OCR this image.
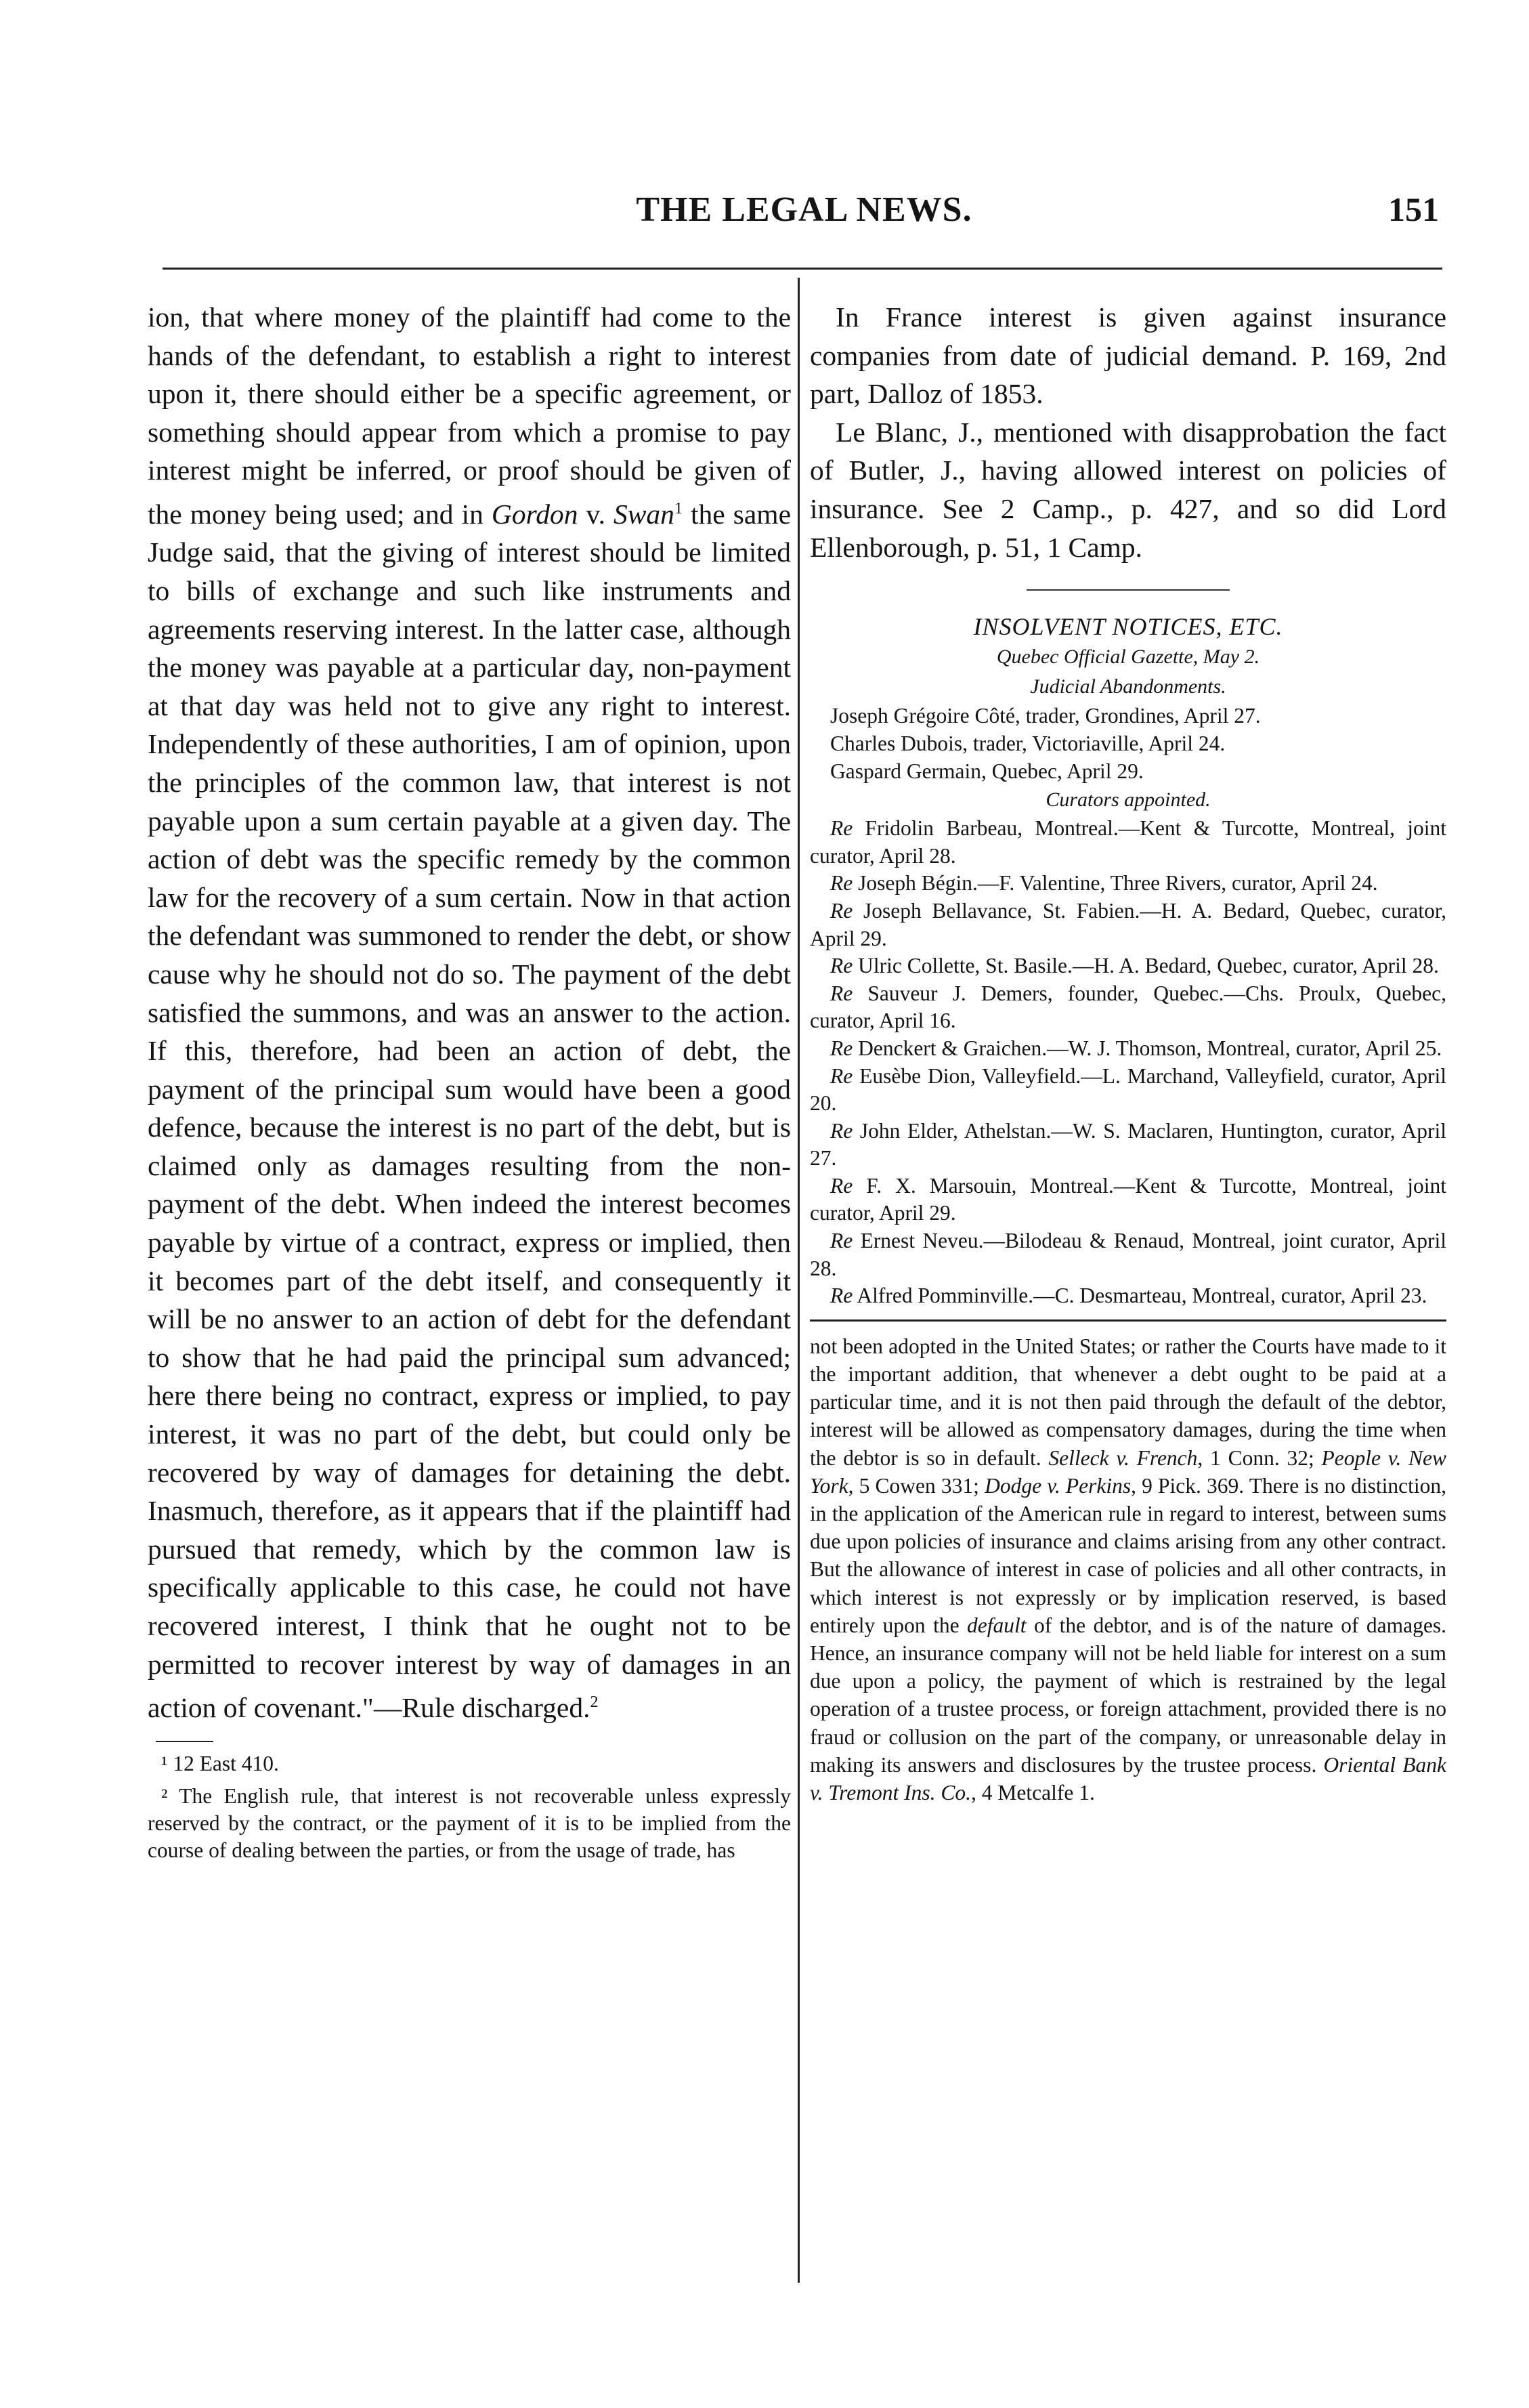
THE LEGAL NEWS.	151

ion, that where money of the plaintiff had come to the hands of the defendant, to establish a right to interest upon it, there should either be a specific agreement, or something should appear from which a promise to pay interest might be inferred, or proof should be given of the money being used; and in Gordon v. Swan$^1$ the same Judge said, that the giving of interest should be limited to bills of exchange and such like instruments and agreements reserving interest. In the latter case, although the money was payable at a particular day, non-payment at that day was held not to give any right to interest. Independently of these authorities, I am of opinion, upon the principles of the common law, that interest is not payable upon a sum certain payable at a given day. The action of debt was the specific remedy by the common law for the recovery of a sum certain. Now in that action the defendant was summoned to render the debt, or show cause why he should not do so. The payment of the debt satisfied the summons, and was an answer to the action. If this, therefore, had been an action of debt, the payment of the principal sum would have been a good defence, because the interest is no part of the debt, but is claimed only as damages resulting from the non-payment of the debt. When indeed the interest becomes payable by virtue of a contract, express or implied, then it becomes part of the debt itself, and consequently it will be no answer to an action of debt for the defendant to show that he had paid the principal sum advanced; here there being no contract, express or implied, to pay interest, it was no part of the debt, but could only be recovered by way of damages for detaining the debt. Inasmuch, therefore, as it appears that if the plaintiff had pursued that remedy, which by the common law is specifically applicable to this case, he could not have recovered interest, I think that he ought not to be permitted to recover interest by way of damages in an action of covenant."—Rule discharged.$^2$

¹ 12 East 410.

² The English rule, that interest is not recoverable unless expressly reserved by the contract, or the payment of it is to be implied from the course of dealing between the parties, or from the usage of trade, has

In France interest is given against insurance companies from date of judicial demand. P. 169, 2nd part, Dalloz of 1853.

Le Blanc, J., mentioned with disapprobation the fact of Butler, J., having allowed interest on policies of insurance. See 2 Camp., p. 427, and so did Lord Ellenborough, p. 51, 1 Camp.

INSOLVENT NOTICES, ETC.

Quebec Official Gazette, May 2.

Judicial Abandonments.

Joseph Grégoire Côté, trader, Grondines, April 27.

Charles Dubois, trader, Victoriaville, April 24.

Gaspard Germain, Quebec, April 29.

Curators appointed.

Re Fridolin Barbeau, Montreal.—Kent & Turcotte, Montreal, joint curator, April 28.

Re Joseph Bégin.—F. Valentine, Three Rivers, curator, April 24.

Re Joseph Bellavance, St. Fabien.—H. A. Bedard, Quebec, curator, April 29.

Re Ulric Collette, St. Basile.—H. A. Bedard, Quebec, curator, April 28.

Re Sauveur J. Demers, founder, Quebec.—Chs. Proulx, Quebec, curator, April 16.

Re Denckert & Graichen.—W. J. Thomson, Montreal, curator, April 25.

Re Eusèbe Dion, Valleyfield.—L. Marchand, Valleyfield, curator, April 20.

Re John Elder, Athelstan.—W. S. Maclaren, Huntington, curator, April 27.

Re F. X. Marsouin, Montreal.—Kent & Turcotte, Montreal, joint curator, April 29.

Re Ernest Neveu.—Bilodeau & Renaud, Montreal, joint curator, April 28.

Re Alfred Pomminville.—C. Desmarteau, Montreal, curator, April 23.

not been adopted in the United States; or rather the Courts have made to it the important addition, that whenever a debt ought to be paid at a particular time, and it is not then paid through the default of the debtor, interest will be allowed as compensatory damages, during the time when the debtor is so in default. Selleck v. French, 1 Conn. 32; People v. New York, 5 Cowen 331; Dodge v. Perkins, 9 Pick. 369. There is no distinction, in the application of the American rule in regard to interest, between sums due upon policies of insurance and claims arising from any other contract. But the allowance of interest in case of policies and all other contracts, in which interest is not expressly or by implication reserved, is based entirely upon the default of the debtor, and is of the nature of damages. Hence, an insurance company will not be held liable for interest on a sum due upon a policy, the payment of which is restrained by the legal operation of a trustee process, or foreign attachment, provided there is no fraud or collusion on the part of the company, or unreasonable delay in making its answers and disclosures by the trustee process. Oriental Bank v. Tremont Ins. Co., 4 Metcalfe 1.
